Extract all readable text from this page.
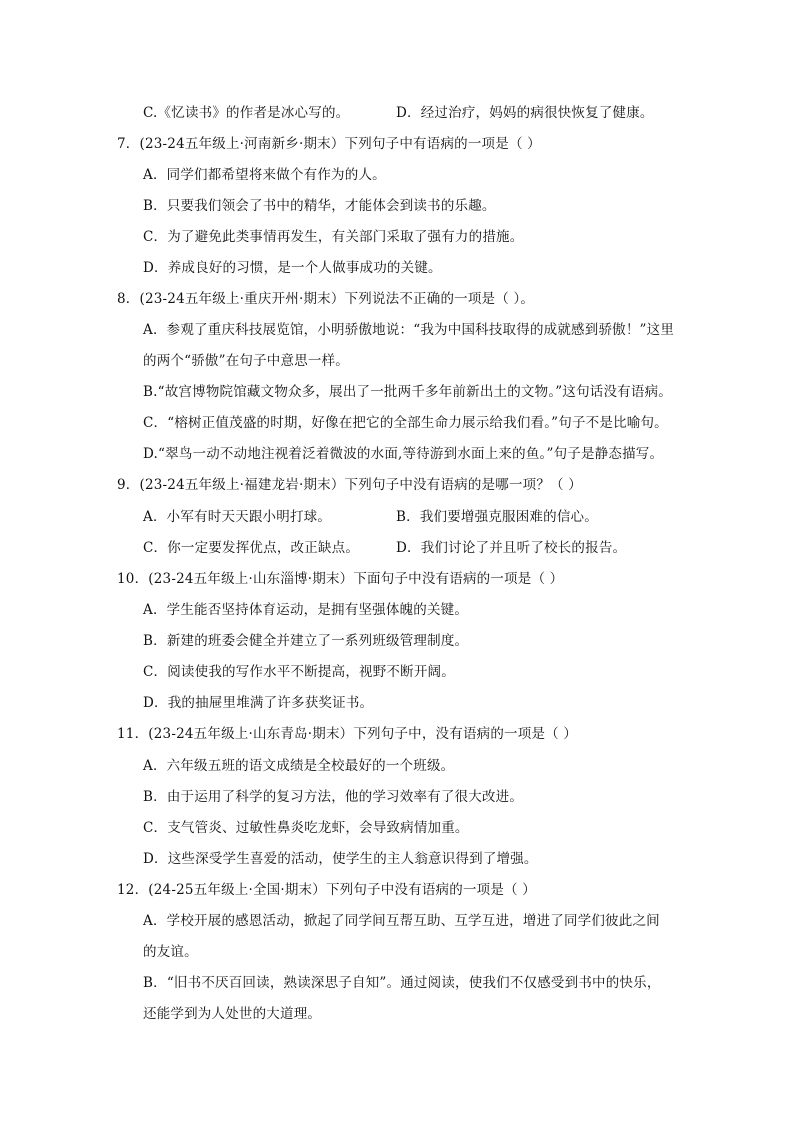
C.《忆读书》的作者是冰心写的。	D．经过治疗，妈妈的病很快恢复了健康。
7．(23-24五年级上·河南新乡·期末）下列句子中有语病的一项是（ ）
A．同学们都希望将来做个有作为的人。
B．只要我们领会了书中的精华，才能体会到读书的乐趣。
C．为了避免此类事情再发生，有关部门采取了强有力的措施。
D．养成良好的习惯，是一个人做事成功的关键。
8．(23-24五年级上·重庆开州·期末）下列说法不正确的一项是（ ）。
A．参观了重庆科技展览馆，小明骄傲地说：“我为中国科技取得的成就感到骄傲！”这里
的两个“骄傲”在句子中意思一样。
B.“故宫博物院馆藏文物众多，展出了一批两千多年前新出土的文物。”这句话没有语病。
C．“榕树正值茂盛的时期，好像在把它的全部生命力展示给我们看。”句子不是比喻句。
D.“翠鸟一动不动地注视着泛着微波的水面,等待游到水面上来的鱼。”句子是静态描写。
9．(23-24五年级上·福建龙岩·期末）下列句子中没有语病的是哪一项？（ ）
A．小军有时天天跟小明打球。	B．我们要增强克服困难的信心。
C．你一定要发挥优点，改正缺点。	D．我们讨论了并且听了校长的报告。
10．(23-24五年级上·山东淄博·期末）下面句子中没有语病的一项是（ ）
A．学生能否坚持体育运动，是拥有坚强体魄的关键。
B．新建的班委会健全并建立了一系列班级管理制度。
C．阅读使我的写作水平不断提高，视野不断开阔。
D．我的抽屉里堆满了许多获奖证书。
11．(23-24五年级上·山东青岛·期末）下列句子中，没有语病的一项是（ ）
A．六年级五班的语文成绩是全校最好的一个班级。
B．由于运用了科学的复习方法，他的学习效率有了很大改进。
C．支气管炎、过敏性鼻炎吃龙虾，会导致病情加重。
D．这些深受学生喜爱的活动，使学生的主人翁意识得到了增强。
12．(24-25五年级上·全国·期末）下列句子中没有语病的一项是（ ）
A．学校开展的感恩活动，掀起了同学间互帮互助、互学互进，增进了同学们彼此之间
的友谊。
B．“旧书不厌百回读，熟读深思子自知”。通过阅读，使我们不仅感受到书中的快乐，
还能学到为人处世的大道理。
